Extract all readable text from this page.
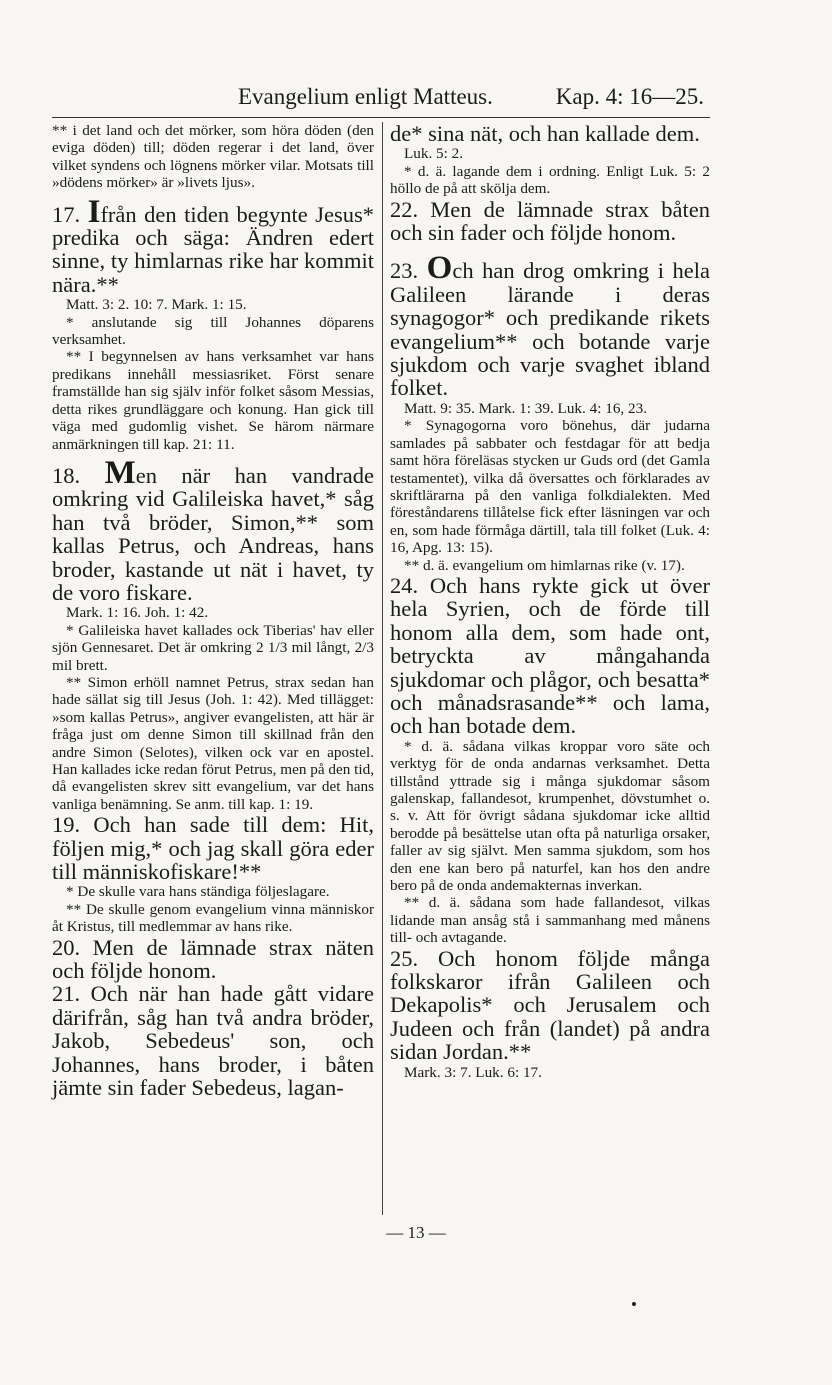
Evangelium enligt Matteus.	Kap. 4: 16—25.

** i det land och det mörker, som höra döden (den eviga döden) till; döden regerar i det land, över vilket syndens och lögnens mörker vilar. Motsats till »dödens mörker» är »livets ljus».

17. Ifrån den tiden begynte Jesus* predika och säga: Ändren edert sinne, ty himlarnas rike har kommit nära.**

Matt. 3: 2. 10: 7. Mark. 1: 15.

* anslutande sig till Johannes döparens verksamhet.

** I begynnelsen av hans verksamhet var hans predikans innehåll messiasriket. Först senare framställde han sig själv inför folket såsom Messias, detta rikes grundläggare och konung. Han gick till väga med gudomlig vishet. Se härom närmare anmärkningen till kap. 21: 11.

18. Men när han vandrade omkring vid Galileiska havet,* såg han två bröder, Simon,** som kallas Petrus, och Andreas, hans broder, kastande ut nät i havet, ty de voro fiskare.

Mark. 1: 16. Joh. 1: 42.

* Galileiska havet kallades ock Tiberias' hav eller sjön Gennesaret. Det är omkring 2 1/3 mil långt, 2/3 mil brett.

** Simon erhöll namnet Petrus, strax sedan han hade sällat sig till Jesus (Joh. 1: 42). Med tillägget: »som kallas Petrus», angiver evangelisten, att här är fråga just om denne Simon till skillnad från den andre Simon (Selotes), vilken ock var en apostel. Han kallades icke redan förut Petrus, men på den tid, då evangelisten skrev sitt evangelium, var det hans vanliga benämning. Se anm. till kap. 1: 19.

19. Och han sade till dem: Hit, följen mig,* och jag skall göra eder till människofiskare!**

* De skulle vara hans ständiga följeslagare.

** De skulle genom evangelium vinna människor åt Kristus, till medlemmar av hans rike.

20. Men de lämnade strax näten och följde honom.

21. Och när han hade gått vidare därifrån, såg han två andra bröder, Jakob, Sebedeus' son, och Johannes, hans broder, i båten jämte sin fader Sebedeus, lagan-

de* sina nät, och han kallade dem.

Luk. 5: 2.

* d. ä. lagande dem i ordning. Enligt Luk. 5: 2 höllo de på att skölja dem.

22. Men de lämnade strax båten och sin fader och följde honom.

23. Och han drog omkring i hela Galileen lärande i deras synagogor* och predikande rikets evangelium** och botande varje sjukdom och varje svaghet ibland folket.

Matt. 9: 35. Mark. 1: 39. Luk. 4: 16, 23.

* Synagogorna voro bönehus, där judarna samlades på sabbater och festdagar för att bedja samt höra föreläsas stycken ur Guds ord (det Gamla testamentet), vilka då översattes och förklarades av skriftlärarna på den vanliga folkdialekten. Med föreståndarens tillåtelse fick efter läsningen var och en, som hade förmåga därtill, tala till folket (Luk. 4: 16, Apg. 13: 15).

** d. ä. evangelium om himlarnas rike (v. 17).

24. Och hans rykte gick ut över hela Syrien, och de förde till honom alla dem, som hade ont, betryckta av mångahanda sjukdomar och plågor, och besatta* och månadsrasande** och lama, och han botade dem.

* d. ä. sådana vilkas kroppar voro säte och verktyg för de onda andarnas verksamhet. Detta tillstånd yttrade sig i många sjukdomar såsom galenskap, fallandesot, krumpenhet, dövstumhet o. s. v. Att för övrigt sådana sjukdomar icke alltid berodde på besättelse utan ofta på naturliga orsaker, faller av sig självt. Men samma sjukdom, som hos den ene kan bero på naturfel, kan hos den andre bero på de onda andemakternas inverkan.

** d. ä. sådana som hade fallandesot, vilkas lidande man ansåg stå i sammanhang med månens till- och avtagande.

25. Och honom följde många folkskaror ifrån Galileen och Dekapolis* och Jerusalem och Judeen och från (landet) på andra sidan Jordan.**

Mark. 3: 7. Luk. 6: 17.

— 13 —
